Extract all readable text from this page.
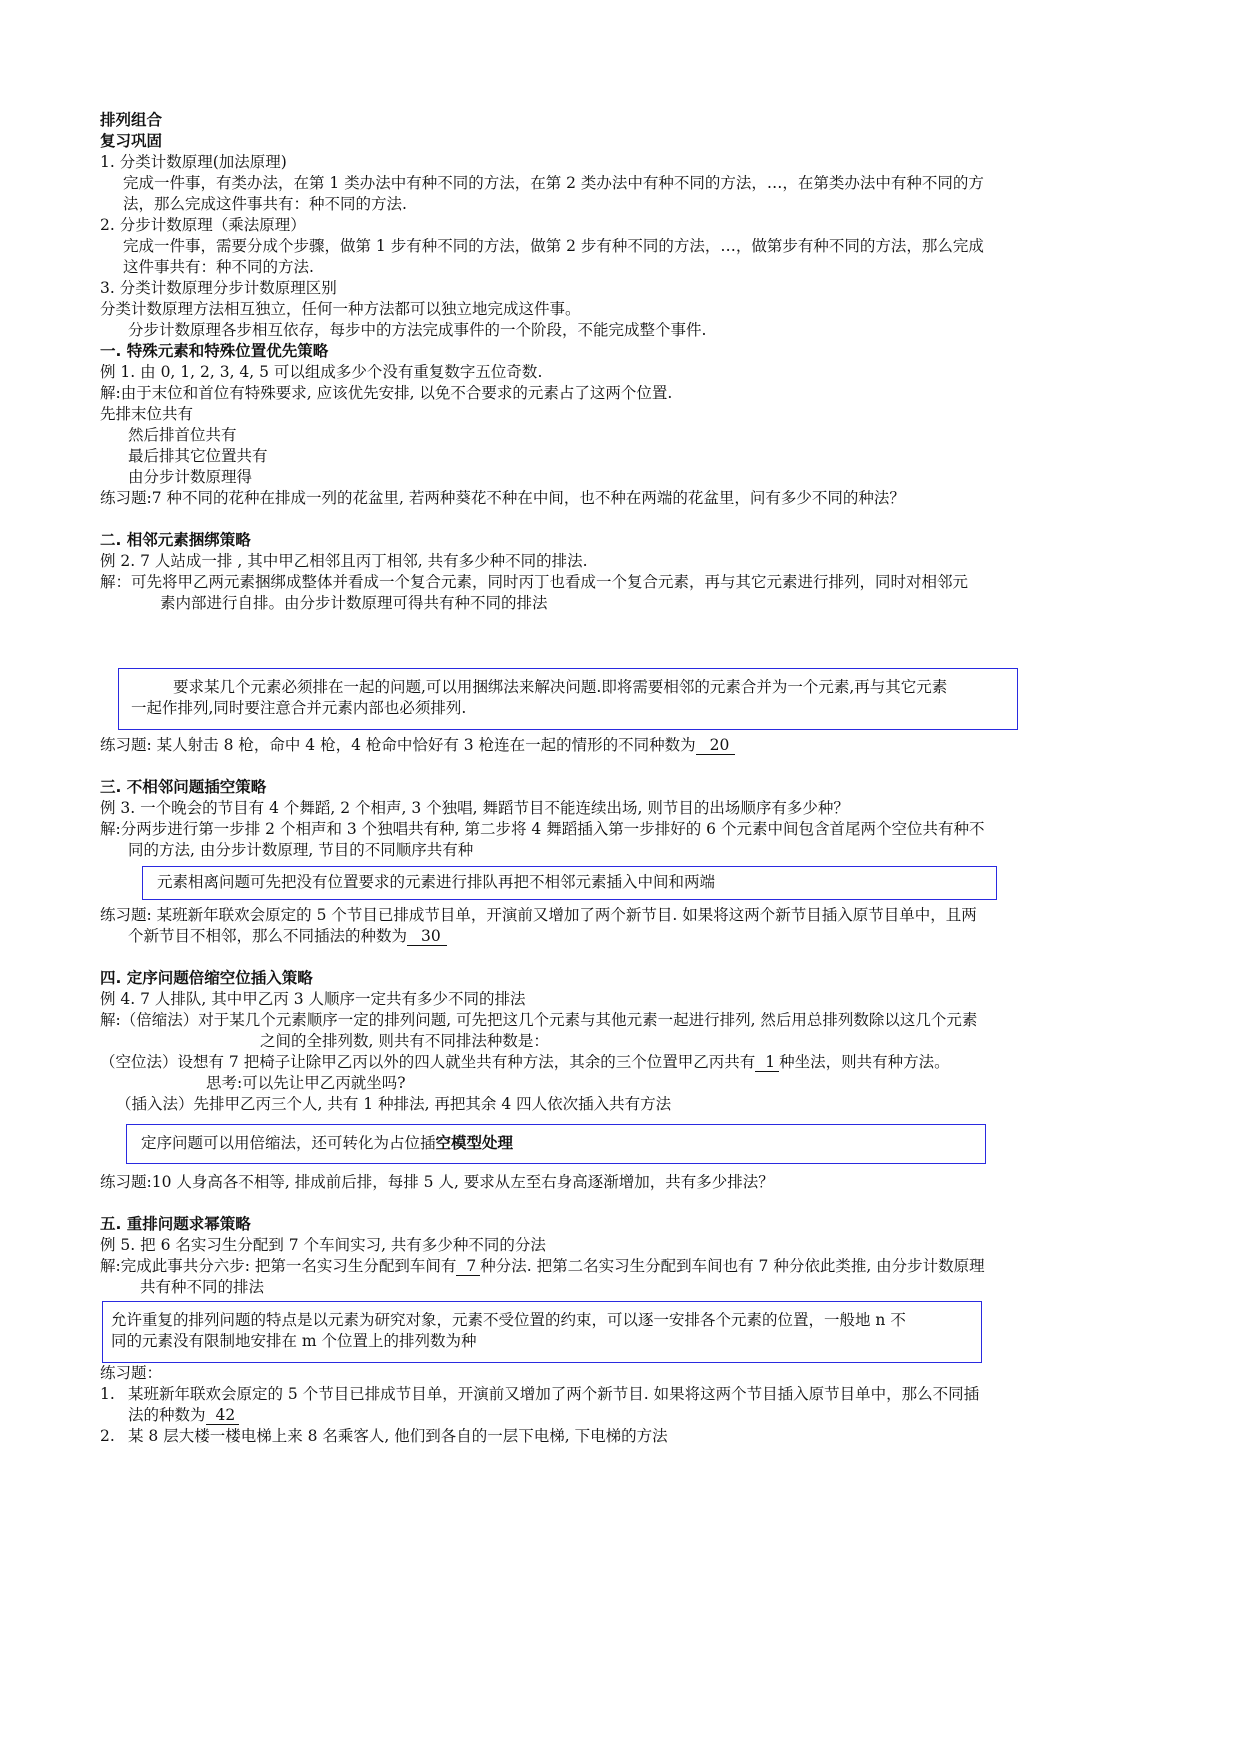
排列组合
复习巩固
1. 分类计数原理(加法原理)
完成一件事，有类办法，在第 1 类办法中有种不同的方法，在第 2 类办法中有种不同的方法，…，在第类办法中有种不同的方
法，那么完成这件事共有：种不同的方法.
2. 分步计数原理（乘法原理）
完成一件事，需要分成个步骤，做第 1 步有种不同的方法，做第 2 步有种不同的方法，…，做第步有种不同的方法，那么完成
这件事共有：种不同的方法.
3. 分类计数原理分步计数原理区别
分类计数原理方法相互独立，任何一种方法都可以独立地完成这件事。
分步计数原理各步相互依存，每步中的方法完成事件的一个阶段，不能完成整个事件.
一. 特殊元素和特殊位置优先策略
例 1. 由 0, 1, 2, 3, 4, 5 可以组成多少个没有重复数字五位奇数.
解:由于末位和首位有特殊要求, 应该优先安排, 以免不合要求的元素占了这两个位置.
先排末位共有
然后排首位共有
最后排其它位置共有
由分步计数原理得
练习题:7 种不同的花种在排成一列的花盆里, 若两种葵花不种在中间，也不种在两端的花盆里，问有多少不同的种法？
二. 相邻元素捆绑策略
例 2. 7 人站成一排 , 其中甲乙相邻且丙丁相邻, 共有多少种不同的排法.
解：可先将甲乙两元素捆绑成整体并看成一个复合元素，同时丙丁也看成一个复合元素，再与其它元素进行排列，同时对相邻元
素内部进行自排。由分步计数原理可得共有种不同的排法
要求某几个元素必须排在一起的问题,可以用捆绑法来解决问题.即将需要相邻的元素合并为一个元素,再与其它元素
一起作排列,同时要注意合并元素内部也必须排列.
练习题: 某人射击 8 枪，命中 4 枪，4 枪命中恰好有 3 枪连在一起的情形的不同种数为 20
三. 不相邻问题插空策略
例 3. 一个晚会的节目有 4 个舞蹈, 2 个相声, 3 个独唱, 舞蹈节目不能连续出场, 则节目的出场顺序有多少种？
解:分两步进行第一步排 2 个相声和 3 个独唱共有种, 第二步将 4 舞蹈插入第一步排好的 6 个元素中间包含首尾两个空位共有种不
同的方法, 由分步计数原理, 节目的不同顺序共有种
元素相离问题可先把没有位置要求的元素进行排队再把不相邻元素插入中间和两端
练习题: 某班新年联欢会原定的 5 个节目已排成节目单，开演前又增加了两个新节目. 如果将这两个新节目插入原节目单中，且两
个新节目不相邻，那么不同插法的种数为 30
四. 定序问题倍缩空位插入策略
例 4. 7 人排队, 其中甲乙丙 3 人顺序一定共有多少不同的排法
解:（倍缩法）对于某几个元素顺序一定的排列问题, 可先把这几个元素与其他元素一起进行排列, 然后用总排列数除以这几个元素
之间的全排列数, 则共有不同排法种数是：
（空位法）设想有 7 把椅子让除甲乙丙以外的四人就坐共有种方法，其余的三个位置甲乙丙共有 1 种坐法，则共有种方法。
思考:可以先让甲乙丙就坐吗?
（插入法）先排甲乙丙三个人, 共有 1 种排法, 再把其余 4 四人依次插入共有方法
定序问题可以用倍缩法，还可转化为占位插空模型处理
练习题:10 人身高各不相等, 排成前后排，每排 5 人, 要求从左至右身高逐渐增加，共有多少排法？
五. 重排问题求幂策略
例 5. 把 6 名实习生分配到 7 个车间实习, 共有多少种不同的分法
解:完成此事共分六步: 把第一名实习生分配到车间有 7 种分法. 把第二名实习生分配到车间也有 7 种分依此类推, 由分步计数原理
共有种不同的排法
允许重复的排列问题的特点是以元素为研究对象，元素不受位置的约束，可以逐一安排各个元素的位置，一般地 n 不
同的元素没有限制地安排在 m 个位置上的排列数为种
练习题：
1. 某班新年联欢会原定的 5 个节目已排成节目单，开演前又增加了两个新节目. 如果将这两个节目插入原节目单中，那么不同插
法的种数为 42
2. 某 8 层大楼一楼电梯上来 8 名乘客人, 他们到各自的一层下电梯, 下电梯的方法
